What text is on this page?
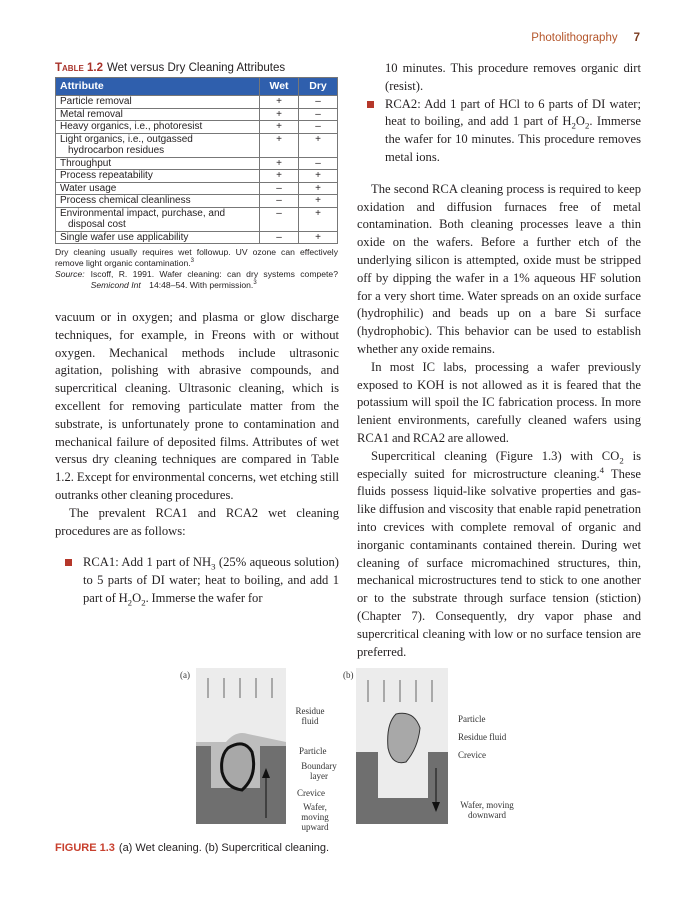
Photolithography 7
Table 1.2 Wet versus Dry Cleaning Attributes
Attribute	Wet	Dry

Particle removal	+	–

Metal removal	+	–

Heavy organics, i.e., photoresist	+	–

Light organics, i.e., outgassed
hydrocarbon residues	+	+

Throughput	+	–

Process repeatability	+	+

Water usage	–	+

Process chemical cleanliness	–	+

Environmental impact, purchase, and
disposal cost	–	+

Single wafer use applicability	–	+
Dry cleaning usually requires wet followup. UV ozone can effectively remove light organic contamination.$^3$
Source: Iscoff, R. 1991. Wafer cleaning: can dry systems compete? Semicond Int 14:48–54. With permission.$^3$

vacuum or in oxygen; and plasma or glow discharge techniques, for example, in Freons with or without oxygen. Mechanical methods include ultrasonic agitation, polishing with abrasive compounds, and supercritical cleaning. Ultrasonic cleaning, which is excellent for removing particulate matter from the substrate, is unfortunately prone to contamination and mechanical failure of deposited films. Attributes of wet versus dry cleaning techniques are compared in Table 1.2. Except for environmental concerns, wet etching still outranks other cleaning procedures.

The prevalent RCA1 and RCA2 wet cleaning procedures are as follows:

RCA1: Add 1 part of $NH_3$ (25% aqueous solution) to 5 parts of DI water; heat to boiling, and add 1 part of $H_2O_2$. Immerse the wafer for
10 minutes. This procedure removes organic dirt (resist).
RCA2: Add 1 part of HCl to 6 parts of DI water; heat to boiling, and add 1 part of $H_2O_2$. Immerse the wafer for 10 minutes. This procedure removes metal ions.

The second RCA cleaning process is required to keep oxidation and diffusion furnaces free of metal contamination. Both cleaning processes leave a thin oxide on the wafers. Before a further etch of the underlying silicon is attempted, oxide must be stripped off by dipping the wafer in a 1% aqueous HF solution for a very short time. Water spreads on an oxide surface (hydrophilic) and beads up on a bare Si surface (hydrophobic). This behavior can be used to establish whether any oxide remains.

In most IC labs, processing a wafer previously exposed to KOH is not allowed as it is feared that the potassium will spoil the IC fabrication process. In more lenient environments, carefully cleaned wafers using RCA1 and RCA2 are allowed.

Supercritical cleaning (Figure 1.3) with $CO_2$ is especially suited for microstructure cleaning.$^4$ These fluids possess liquid-like solvative properties and gas-like diffusion and viscosity that enable rapid penetration into crevices with complete removal of organic and inorganic contaminants contained therein. During wet cleaning of surface micromachined structures, thin, mechanical microstructures tend to stick to one another or to the substrate through surface tension (stiction) (Chapter 7). Consequently, dry vapor phase and supercritical cleaning with low or no surface tension are preferred.

(a)
Residue fluid
Particle
Boundary layer
Crevice
Wafer, moving upward
(b)
Particle
Residue fluid
Crevice
Wafer, moving downward
FIGURE 1.3 (a) Wet cleaning. (b) Supercritical cleaning.
